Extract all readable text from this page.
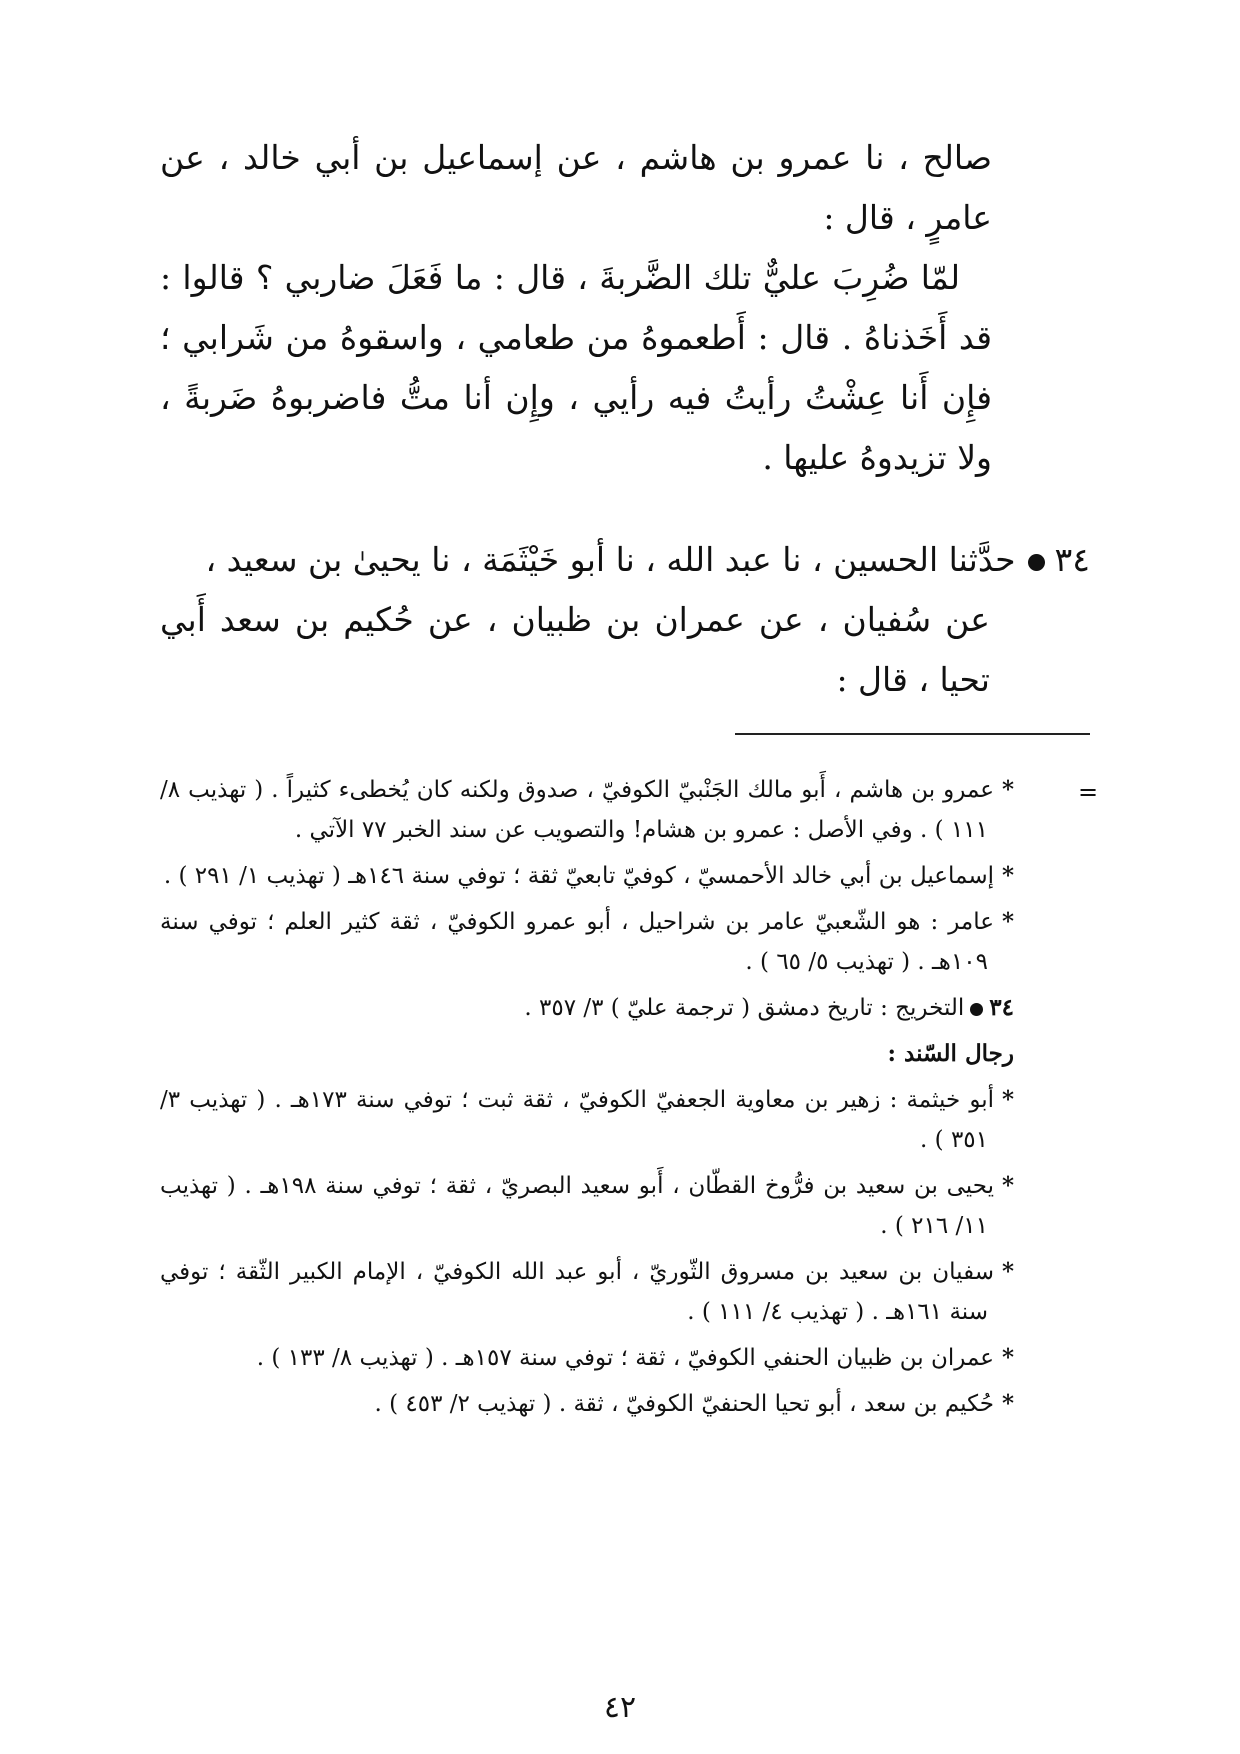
صالح ، نا عمرو بن هاشم ، عن إسماعيل بن أبي خالد ، عن عامرٍ ، قال :

لمّا ضُرِبَ عليٌّ تلك الضَّربةَ ، قال : ما فَعَلَ ضاربي ؟ قالوا : قد أَخَذناهُ . قال : أَطعموهُ من طعامي ، واسقوهُ من شَرابي ؛ فإِن أَنا عِشْتُ رأيتُ فيه رأيي ، وإِن أنا متُّ فاضربوهُ ضَربةً ، ولا تزيدوهُ عليها .

٣٤حدَّثنا الحسين ، نا عبد الله ، نا أبو خَيْثَمَة ، نا يحيىٰ بن سعيد ،
عن سُفيان ، عن عمران بن ظبيان ، عن حُكيم بن سعد أَبي تحيا ، قال :
=
*عمرو بن هاشم ، أَبو مالك الجَنْبيّ الكوفيّ ، صدوق ولكنه كان يُخطىء كثيراً . ( تهذيب ٨/ ١١١ ) . وفي الأصل : عمرو بن هشام! والتصويب عن سند الخبر ٧٧ الآتي .
*إسماعيل بن أبي خالد الأحمسيّ ، كوفيّ تابعيّ ثقة ؛ توفي سنة ١٤٦هـ ( تهذيب ١/ ٢٩١ ) .
*عامر : هو الشّعبيّ عامر بن شراحيل ، أبو عمرو الكوفيّ ، ثقة كثير العلم ؛ توفي سنة ١٠٩هـ . ( تهذيب ٥/ ٦٥ ) .
٣٤التخريج : تاريخ دمشق ( ترجمة عليّ ) ٣/ ٣٥٧ .
رجال السّند :
*أبو خيثمة : زهير بن معاوية الجعفيّ الكوفيّ ، ثقة ثبت ؛ توفي سنة ١٧٣هـ . ( تهذيب ٣/ ٣٥١ ) .
*يحيى بن سعيد بن فرُّوخ القطّان ، أَبو سعيد البصريّ ، ثقة ؛ توفي سنة ١٩٨هـ . ( تهذيب ١١/ ٢١٦ ) .
*سفيان بن سعيد بن مسروق الثّوريّ ، أبو عبد الله الكوفيّ ، الإمام الكبير الثّقة ؛ توفي سنة ١٦١هـ . ( تهذيب ٤/ ١١١ ) .
*عمران بن ظبيان الحنفي الكوفيّ ، ثقة ؛ توفي سنة ١٥٧هـ . ( تهذيب ٨/ ١٣٣ ) .
*حُكيم بن سعد ، أبو تحيا الحنفيّ الكوفيّ ، ثقة . ( تهذيب ٢/ ٤٥٣ ) .
٤٢
